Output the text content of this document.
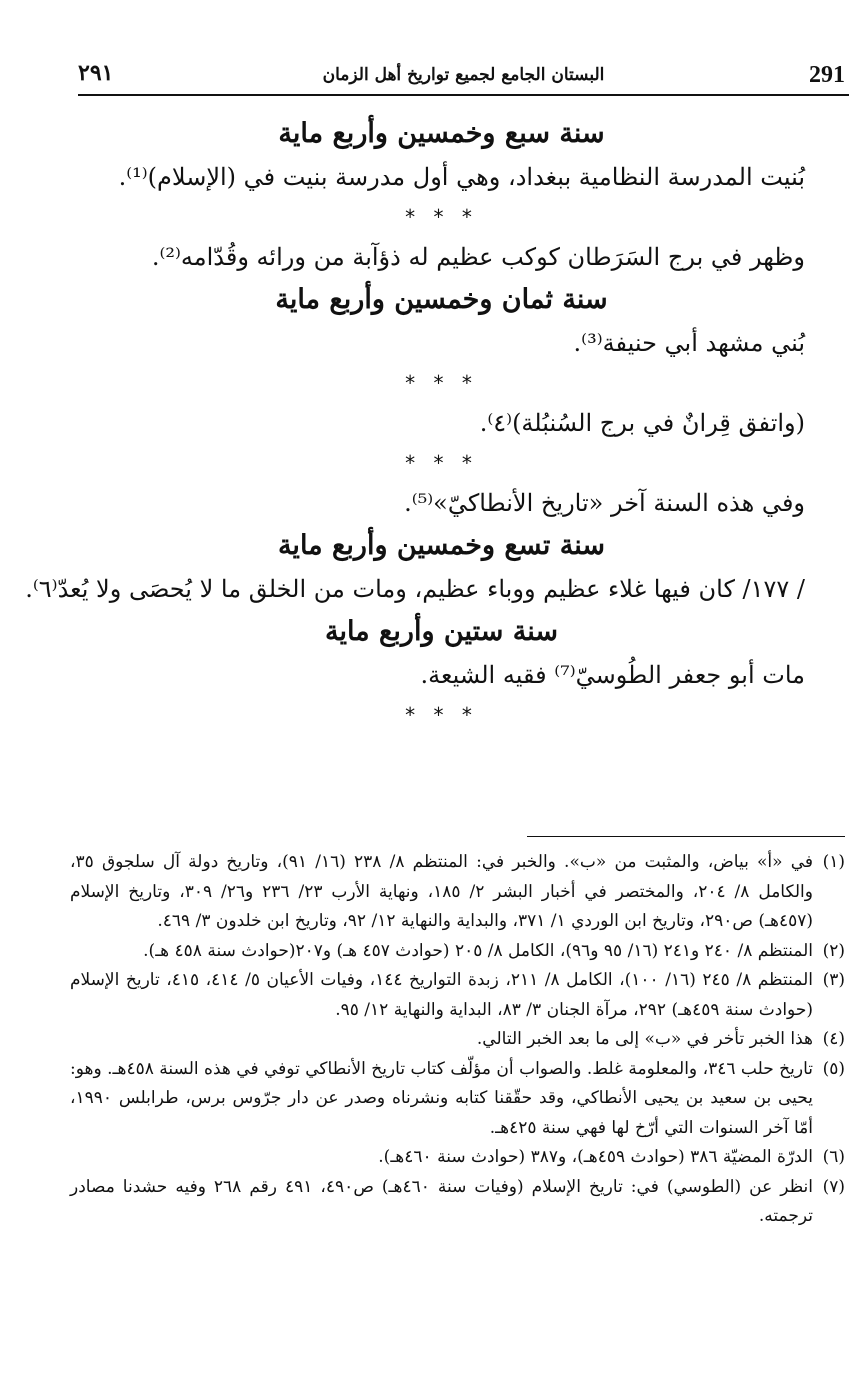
291
البستان الجامع لجميع تواريخ أهل الزمان
٢٩١
سنة سبع وخمسين وأربع ماية
بُنيت المدرسة النظامية ببغداد، وهي أول مدرسة بنيت في (الإسلام)⁽¹⁾.
* * *
وظهر في برج السَرَطان كوكب عظيم له ذؤآبة من ورائه وقُدّامه⁽²⁾.
سنة ثمان وخمسين وأربع ماية
بُني مشهد أبي حنيفة⁽³⁾.
* * *
(واتفق قِرانٌ في برج السُنبُلة)⁽٤⁾.
* * *
وفي هذه السنة آخر «تاريخ الأنطاكيّ»⁽⁵⁾.
سنة تسع وخمسين وأربع ماية
/ ١٧٧/ كان فيها غلاء عظيم ووباء عظيم، ومات من الخلق ما لا يُحصَى ولا يُعدّ⁽٦⁾.
سنة ستين وأربع ماية
مات أبو جعفر الطُوسيّ⁽⁷⁾ فقيه الشيعة.
* * *

(١)
في «أ» بياض، والمثبت من «ب». والخبر في: المنتظم ٨/ ٢٣٨ (١٦/ ٩١)، وتاريخ دولة آل سلجوق ٣٥، والكامل ٨/ ٢٠٤، والمختصر في أخبار البشر ٢/ ١٨٥، ونهاية الأرب ٢٣/ ٢٣٦ و٢٦/ ٣٠٩، وتاريخ الإسلام (٤٥٧هـ) ص٢٩٠، وتاريخ ابن الوردي ١/ ٣٧١، والبداية والنهاية ١٢/ ٩٢، وتاريخ ابن خلدون ٣/ ٤٦٩.

(٢)
المنتظم ٨/ ٢٤٠ و٢٤١ (١٦/ ٩٥ و٩٦)، الكامل ٨/ ٢٠٥ (حوادث ٤٥٧ هـ) و٢٠٧(حوادث سنة ٤٥٨ هـ).

(٣)
المنتظم ٨/ ٢٤٥ (١٦/ ١٠٠)، الكامل ٨/ ٢١١، زبدة التواريخ ١٤٤، وفيات الأعيان ٥/ ٤١٤، ٤١٥، تاريخ الإسلام (حوادث سنة ٤٥٩هـ) ٢٩٢، مرآة الجنان ٣/ ٨٣، البداية والنهاية ١٢/ ٩٥.

(٤)
هذا الخبر تأخر في «ب» إلى ما بعد الخبر التالي.

(٥)
تاريخ حلب ٣٤٦، والمعلومة غلط. والصواب أن مؤلّف كتاب تاريخ الأنطاكي توفي في هذه السنة ٤٥٨هـ. وهو: يحيى بن سعيد بن يحيى الأنطاكي، وقد حقّقنا كتابه ونشرناه وصدر عن دار جرّوس برس، طرابلس ١٩٩٠، أمّا آخر السنوات التي أرّخ لها فهي سنة ٤٢٥هـ.

(٦)
الدرّة المضيّة ٣٨٦ (حوادث ٤٥٩هـ)، و٣٨٧ (حوادث سنة ٤٦٠هـ).

(٧)
انظر عن (الطوسي) في: تاريخ الإسلام (وفيات سنة ٤٦٠هـ) ص٤٩٠، ٤٩١ رقم ٢٦٨ وفيه حشدنا مصادر ترجمته.
